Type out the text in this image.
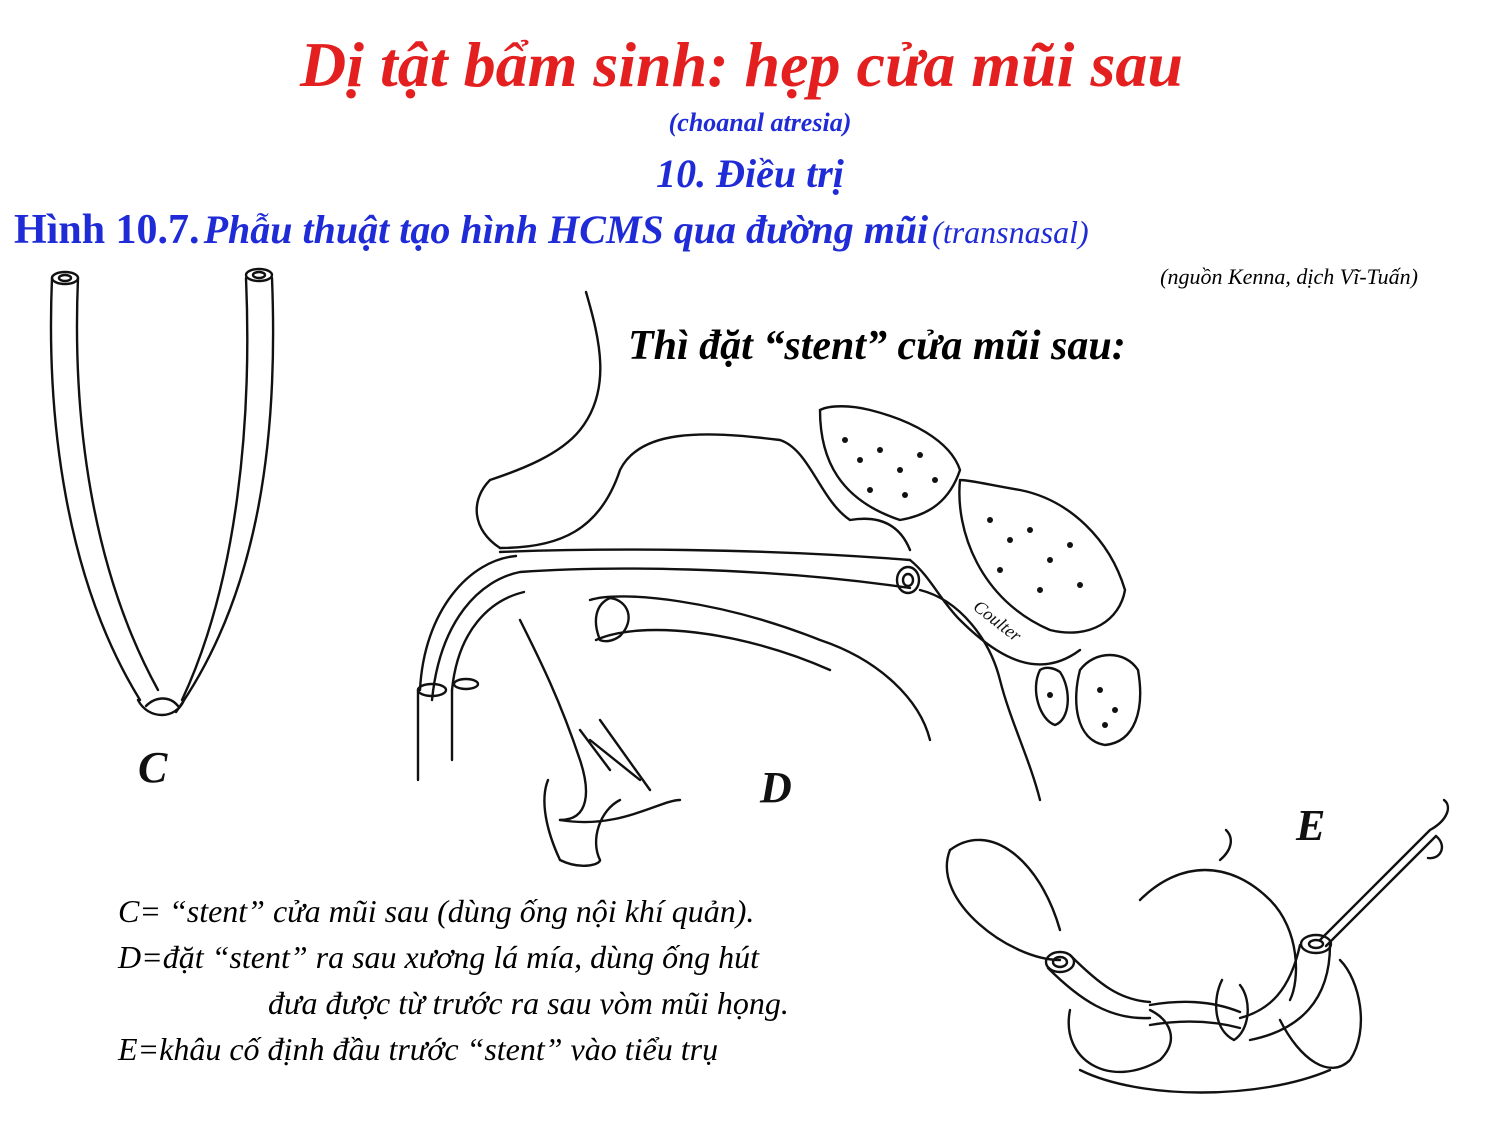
Dị tật bẩm sinh: hẹp cửa mũi sau
(choanal atresia)
10. Điều trị
Hình 10.7. Phẫu thuật tạo hình HCMS qua đường mũi (transnasal)
(nguồn Kenna, dịch Vĩ-Tuấn)
Thì đặt “stent” cửa mũi sau:
C	D
E
Coulter
C= “stent” cửa mũi sau (dùng ống nội khí quản).
D=đặt “stent” ra sau xương lá mía, dùng ống hút
đưa được từ trước ra sau vòm mũi họng.
E=khâu cố định đầu trước “stent” vào tiểu trụ
